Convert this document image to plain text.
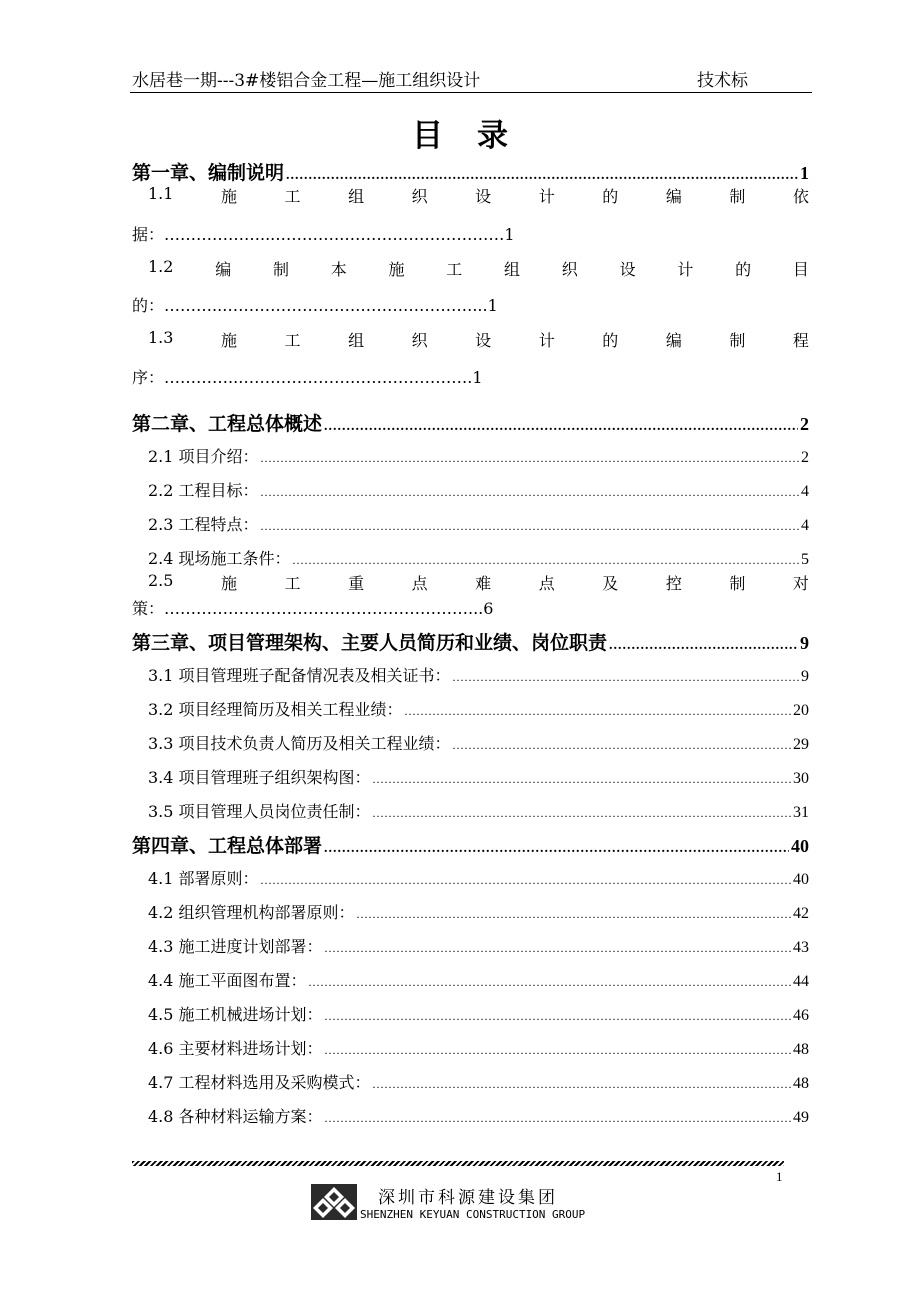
水居巷一期---3#楼铝合金工程—施工组织设计	技术标
目录
第一章、编制说明 .....	1
1.1	施	工	组	织	设	计	的	编	制	依
据：………………...………….…………………………1
1.2	编	制	本	施	工	组	织	设	计	的	目
的：………..………………….….…………………...1
1.3	施	工	组	织	设	计	的	编	制	程
序：…………..………………….………………….1
第二章、工程总体概述 .....	2
2.1 项目介绍： .....	2
2.2 工程目标： .....	4
2.3 工程特点： .....	4
2.4 现场施工条件： .....	5
2.5	施	工	重	点	难	点	及	控	制	对
策：…………………………………………………...6
第三章、项目管理架构、主要人员简历和业绩、岗位职责 .....	9
3.1 项目管理班子配备情况表及相关证书： .....	9
3.2 项目经理简历及相关工程业绩： .....	20
3.3 项目技术负责人简历及相关工程业绩： .....	29
3.4 项目管理班子组织架构图： .....	30
3.5 项目管理人员岗位责任制： .....	31
第四章、工程总体部署 .....	40
4.1 部署原则： .....	40
4.2 组织管理机构部署原则： .....	42
4.3 施工进度计划部署： .....	43
4.4 施工平面图布置： .....	44
4.5 施工机械进场计划： .....	46
4.6 主要材料进场计划： .....	48
4.7 工程材料选用及采购模式： .....	48
4.8 各种材料运输方案： .....	49
1
深圳市科源建设集团
SHENZHEN KEYUAN CONSTRUCTION GROUP
